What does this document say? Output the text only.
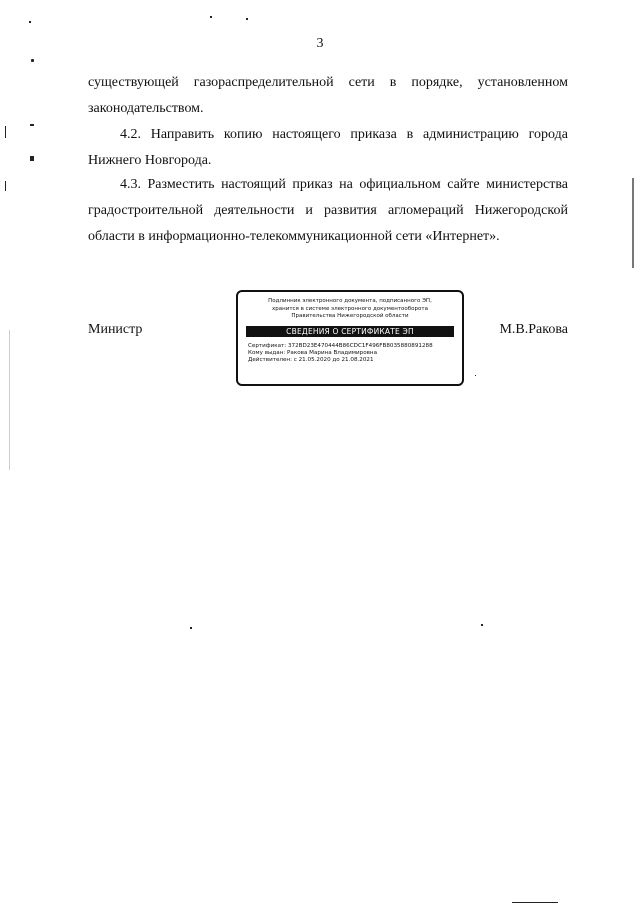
3
существующей газораспределительной сети в порядке, установленном
законодательством.
4.2. Направить копию настоящего приказа в администрацию города
Нижнего Новгорода.
4.3. Разместить настоящий приказ на официальном сайте министерства
градостроительной деятельности и развития агломераций Нижегородской
области в информационно-телекоммуникационной сети «Интернет».
Министр	М.В.Ракова
Подлинник электронного документа, подписанного ЭП,
хранится в системе электронного документооборота
Правительства Нижегородской области
СВЕДЕНИЯ О СЕРТИФИКАТЕ ЭП
Сертификат: 372BD23E470444B86CDC1F496FB8035880891288
Кому выдан: Ракова Марина Владимировна
Действителен: с 21.05.2020 до 21.08.2021
